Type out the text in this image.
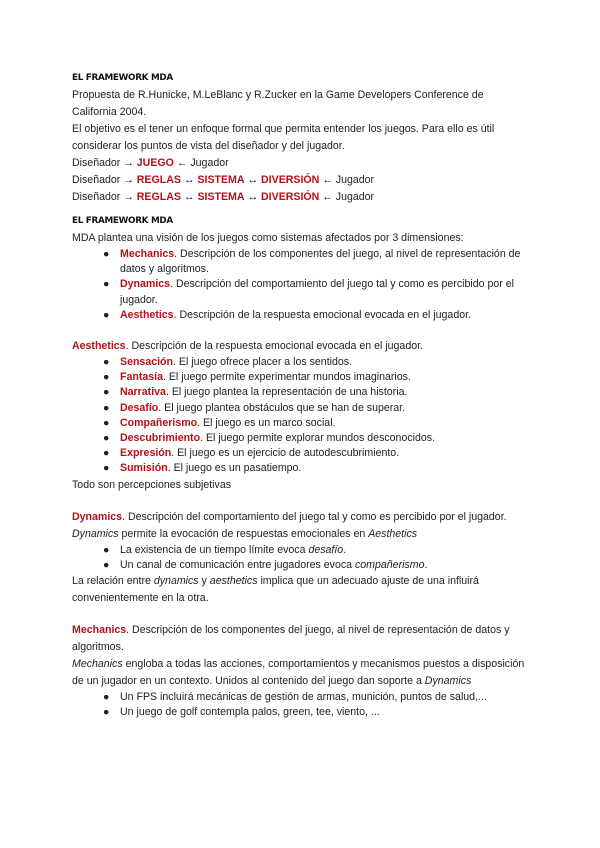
EL FRAMEWORK MDA
Propuesta de R.Hunicke, M.LeBlanc y R.Zucker en la Game Developers Conference de
California 2004.
El objetivo es el tener un enfoque formal que permita entender los juegos. Para ello es útil
considerar los puntos de vista del diseñador y del jugador.
Diseñador → JUEGO ← Jugador
Diseñador → REGLAS ↔ SISTEMA ↔ DIVERSIÓN ← Jugador
Diseñador → REGLAS ↔ SISTEMA ↔ DIVERSIÓN ← Jugador
EL FRAMEWORK MDA
MDA plantea una visión de los juegos como sistemas afectados por 3 dimensiones:
● Mechanics. Descripción de los componentes del juego, al nivel de representación de datos y algoritmos.
● Dynamics. Descripción del comportamiento del juego tal y como es percibido por el jugador.
● Aesthetics. Descripción de la respuesta emocional evocada en el jugador.
Aesthetics. Descripción de la respuesta emocional evocada en el jugador.
● Sensación. El juego ofrece placer a los sentidos.
● Fantasía. El juego permite experimentar mundos imaginarios.
● Narrativa. El juego plantea la representación de una historia.
● Desafío. El juego plantea obstáculos que se han de superar.
● Compañerismo. El juego es un marco social.
● Descubrimiento. El juego permite explorar mundos desconocidos.
● Expresión. El juego es un ejercicio de autodescubrimiento.
● Sumisión. El juego es un pasatiempo.
Todo son percepciones subjetivas
Dynamics. Descripción del comportamiento del juego tal y como es percibido por el jugador.
Dynamics permite la evocación de respuestas emocionales en Aesthetics
● La existencia de un tiempo límite evoca desafío.
● Un canal de comunicación entre jugadores evoca compañerismo.
La relación entre dynamics y aesthetics implica que un adecuado ajuste de una influirá convenientemente en la otra.
Mechanics. Descripción de los componentes del juego, al nivel de representación de datos y algoritmos.
Mechanics engloba a todas las acciones, comportamientos y mecanismos puestos a disposición de un jugador en un contexto. Unidos al contenido del juego dan soporte a Dynamics
● Un FPS incluirá mecánicas de gestión de armas, munición, puntos de salud,...
● Un juego de golf contempla palos, green, tee, viento, ...
